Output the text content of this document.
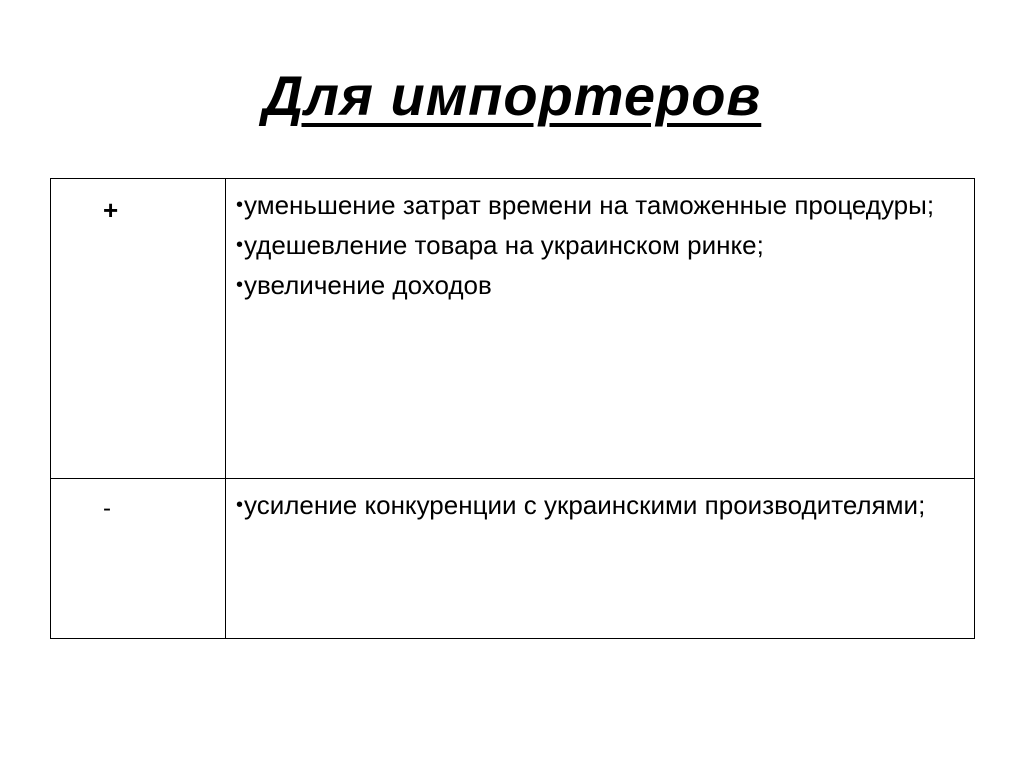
Для импортеров
+	•уменьшение затрат времени на таможенные процедуры;

•удешевление товара на украинском ринке;

•увеличение доходов

-	•усиление конкуренции с украинскими производителями;
